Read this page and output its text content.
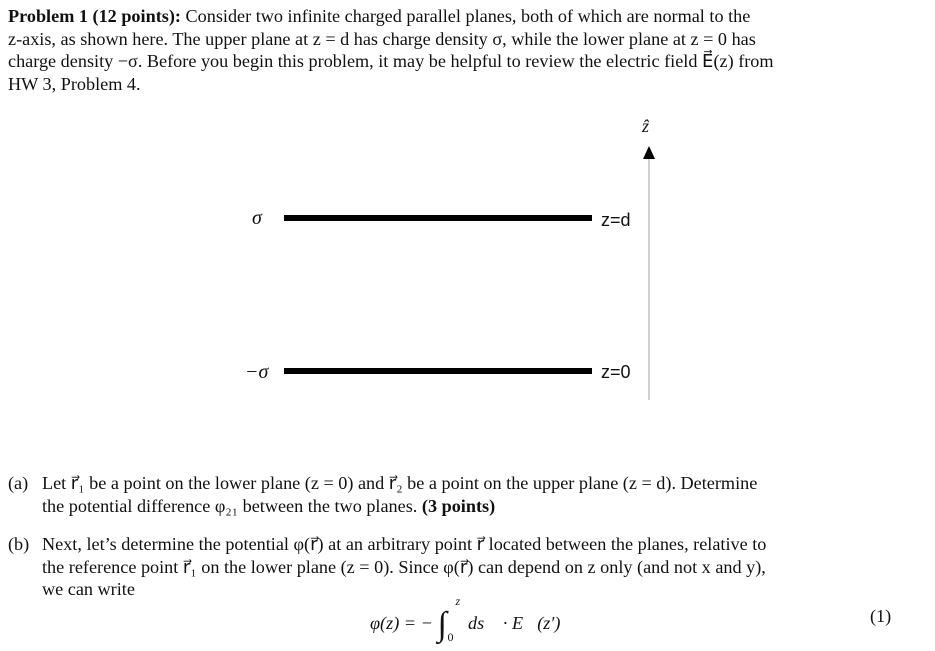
Problem 1 (12 points): Consider two infinite charged parallel planes, both of which are normal to the
z-axis, as shown here. The upper plane at z = d has charge density σ, while the lower plane at z = 0 has
charge density −σ. Before you begin this problem, it may be helpful to review the electric field E⃗(z) from
HW 3, Problem 4.
ẑ
σ	z=d
−σ	z=0
(a) Let r⃗₁ be a point on the lower plane (z = 0) and r⃗₂ be a point on the upper plane (z = d). Determine
the potential difference φ₂₁ between the two planes. (3 points)
(b) Next, let’s determine the potential φ(r⃗) at an arbitrary point r⃗ located between the planes, relative to
the reference point r⃗₁ on the lower plane (z = 0). Since φ(r⃗) can depend on z only (and not x and y),
we can write
φ(z) = − ∫
z
0
ds⃗ · E⃗(z′)	(1)
